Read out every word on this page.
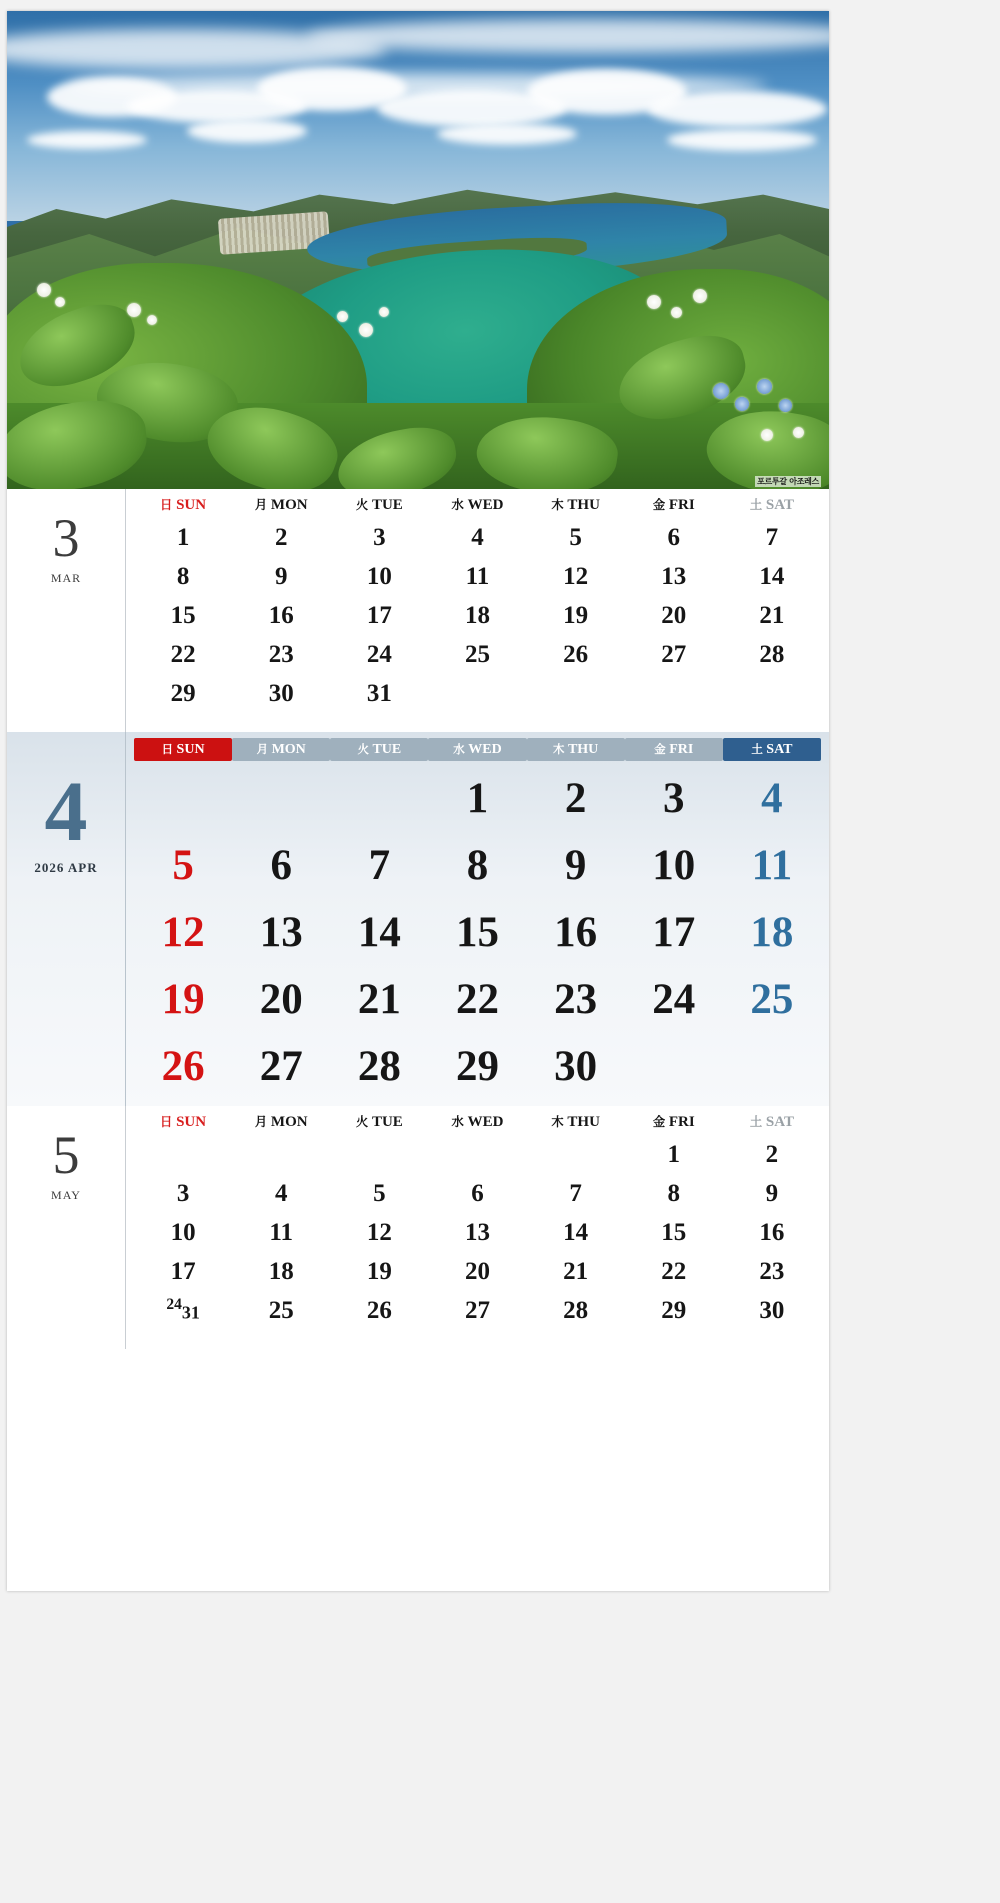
포르투갈 아조레스
3
MAR
日 SUN	月 MON	火 TUE	水 WED	木 THU	金 FRI	土 SAT
1	2	3	4	5	6	7
8	9	10	11	12	13	14
15	16	17	18	19	20	21
22	23	24	25	26	27	28
29	30	31				
4
2026 APR
日 SUN	月 MON	火 TUE	水 WED	木 THU	金 FRI	土 SAT

			1	2	3	4
5	6	7	8	9	10	11
12	13	14	15	16	17	18
19	20	21	22	23	24	25
26	27	28	29	30		
5
MAY
日 SUN	月 MON	火 TUE	水 WED	木 THU	金 FRI	土 SAT
					1	2
3	4	5	6	7	8	9
10	11	12	13	14	15	16
17	18	19	20	21	22	23
$^{24}$31	25	26	27	28	29	30
